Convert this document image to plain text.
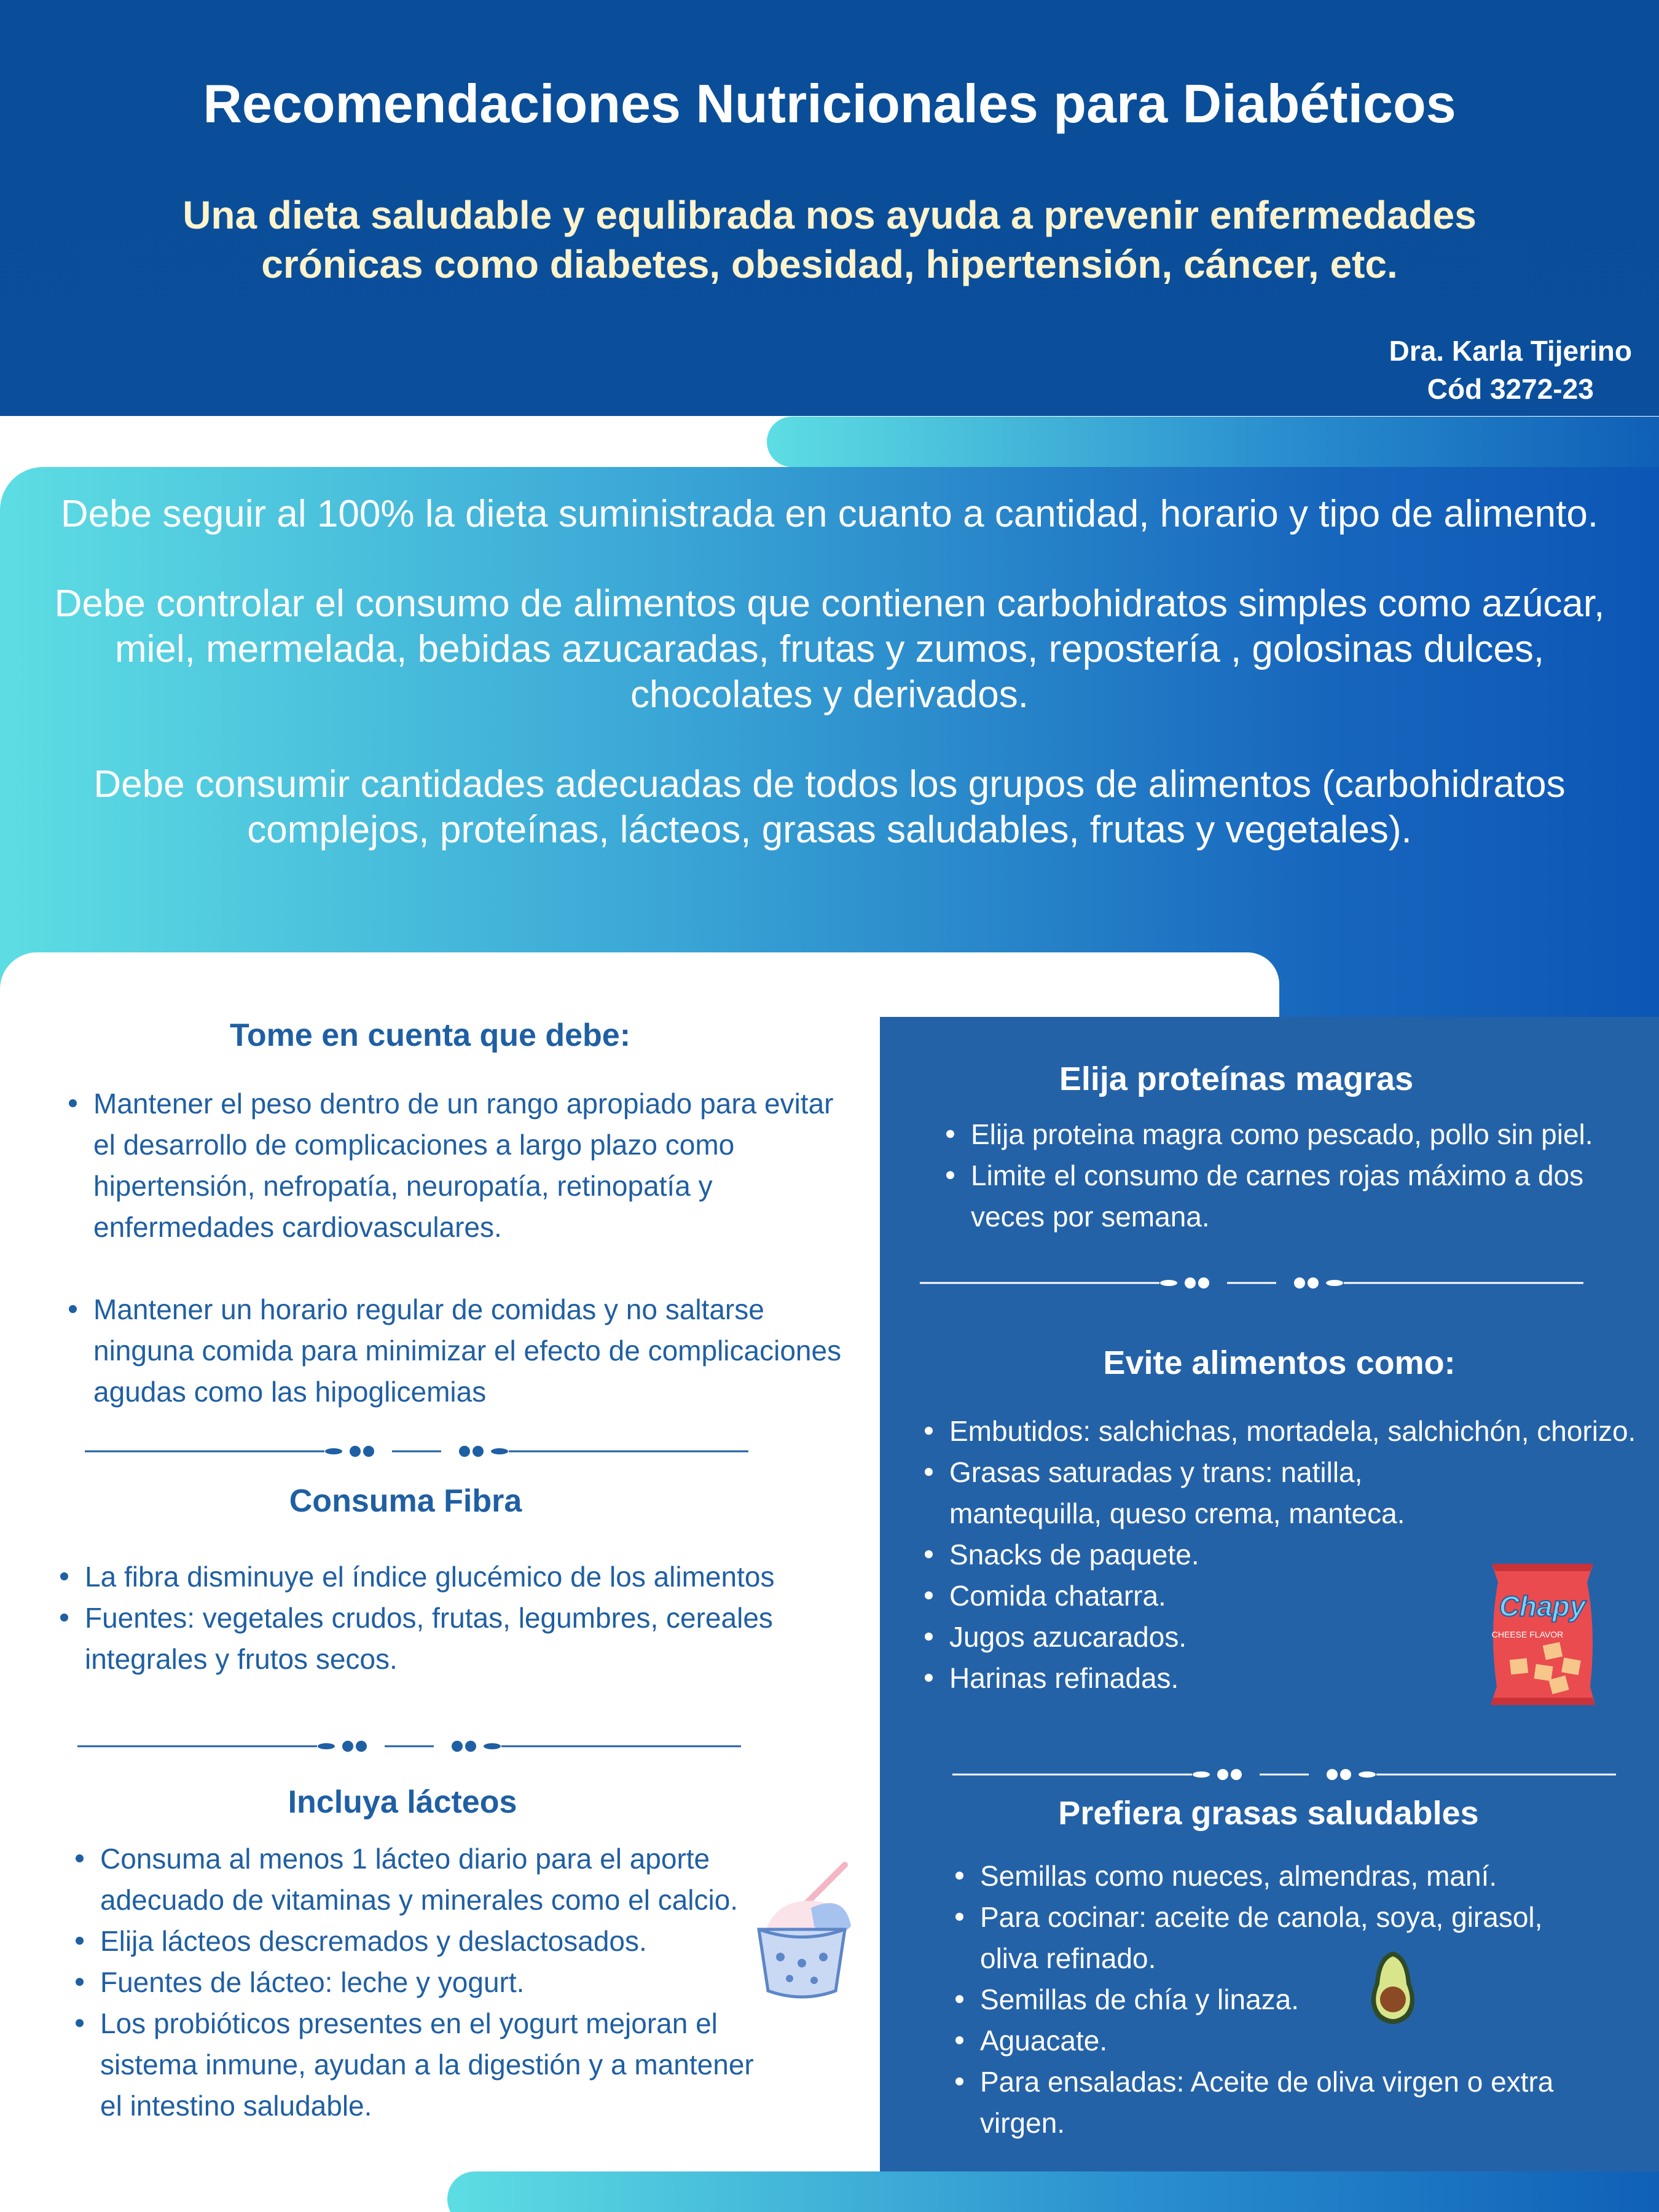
Recomendaciones Nutricionales para Diabéticos
Una dieta saludable y equlibrada nos ayuda a prevenir enfermedades
crónicas como diabetes, obesidad, hipertensión, cáncer, etc.
Dra. Karla Tijerino
Cód 3272-23

Debe seguir al 100% la dieta suministrada en cuanto a cantidad, horario y tipo de alimento.

Debe controlar el consumo de alimentos que contienen carbohidratos simples como azúcar, miel, mermelada, bebidas azucaradas, frutas y zumos, repostería , golosinas dulces, chocolates y derivados.

Debe consumir cantidades adecuadas de todos los grupos de alimentos (carbohidratos complejos, proteínas, lácteos, grasas saludables, frutas y vegetales).

Tome en cuenta que debe:
Mantener el peso dentro de un rango apropiado para evitar el desarrollo de complicaciones a largo plazo como hipertensión, nefropatía, neuropatía, retinopatía y enfermedades cardiovasculares.
Mantener un horario regular de comidas y no saltarse ninguna comida para minimizar el efecto de complicaciones agudas como las hipoglicemias
Consuma Fibra
La fibra disminuye el índice glucémico de los alimentos
Fuentes: vegetales crudos, frutas, legumbres, cereales integrales y frutos secos.
Incluya lácteos
Consuma al menos 1 lácteo diario para el aporte adecuado de vitaminas y minerales como el calcio.
Elija lácteos descremados y deslactosados.
Fuentes de lácteo: leche y yogurt.
Los probióticos presentes en el yogurt mejoran el sistema inmune, ayudan a la digestión y a mantener el intestino saludable.
Elija proteínas magras
Elija proteina magra como pescado, pollo sin piel.
Limite el consumo de carnes rojas máximo a dos veces por semana.
Evite alimentos como:
Embutidos: salchichas, mortadela, salchichón, chorizo.
Grasas saturadas y trans: natilla, mantequilla, queso crema, manteca.
Snacks de paquete.
Comida chatarra.
Jugos azucarados.
Harinas refinadas.
Chapy
CHEESE FLAVOR
Prefiera grasas saludables
Semillas como nueces, almendras, maní.
Para cocinar: aceite de canola, soya, girasol, oliva refinado.
Semillas de chía y linaza.
Aguacate.
Para ensaladas: Aceite de oliva virgen o extra virgen.
